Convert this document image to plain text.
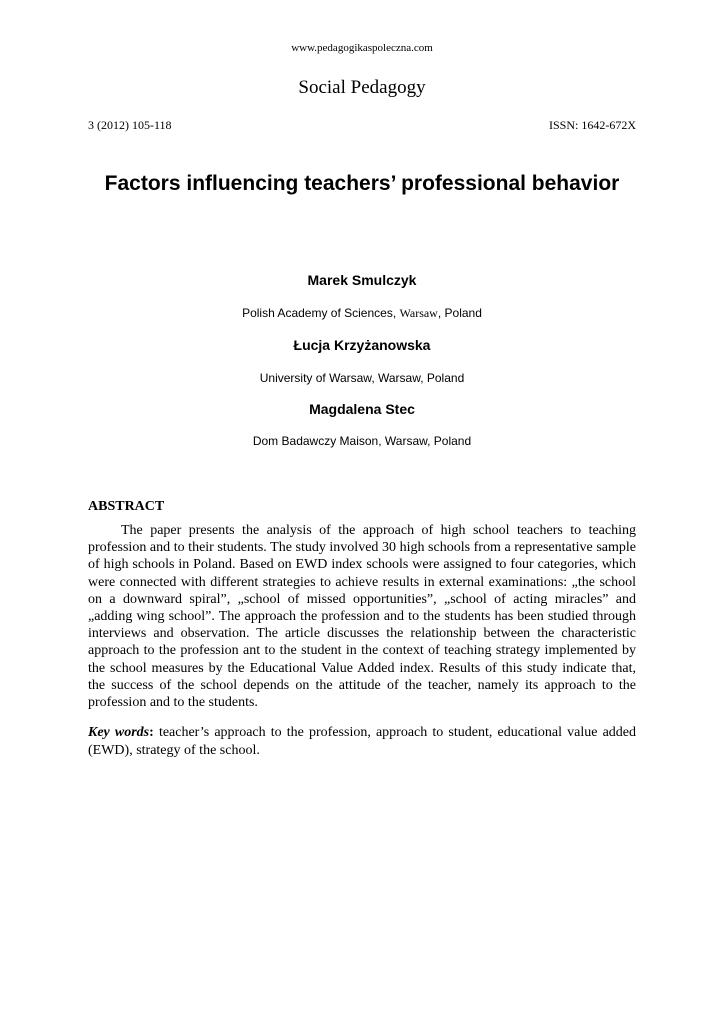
www.pedagogikaspoleczna.com
Social Pedagogy
3 (2012) 105-118	ISSN: 1642-672X
Factors influencing teachers’ professional behavior
Marek Smulczyk
Polish Academy of Sciences, Warsaw, Poland
Łucja Krzyżanowska
University of Warsaw, Warsaw, Poland
Magdalena Stec
Dom Badawczy Maison, Warsaw, Poland
ABSTRACT

The paper presents the analysis of the approach of high school teachers to teaching profession and to their students. The study involved 30 high schools from a representative sample of high schools in Poland. Based on EWD index schools were assigned to four categories, which were connected with different strategies to achieve results in external examinations: „the school on a downward spiral”, „school of missed opportunities”, „school of acting miracles” and „adding wing school”. The approach the profession and to the students has been studied through interviews and observation. The article discusses the relationship between the characteristic approach to the profession ant to the student in the context of teaching strategy implemented by the school measures by the Educational Value Added index. Results of this study indicate that, the success of the school depends on the attitude of the teacher, namely its approach to the profession and to the students.

Key words: teacher’s approach to the profession, approach to student, educational value added (EWD), strategy of the school.
